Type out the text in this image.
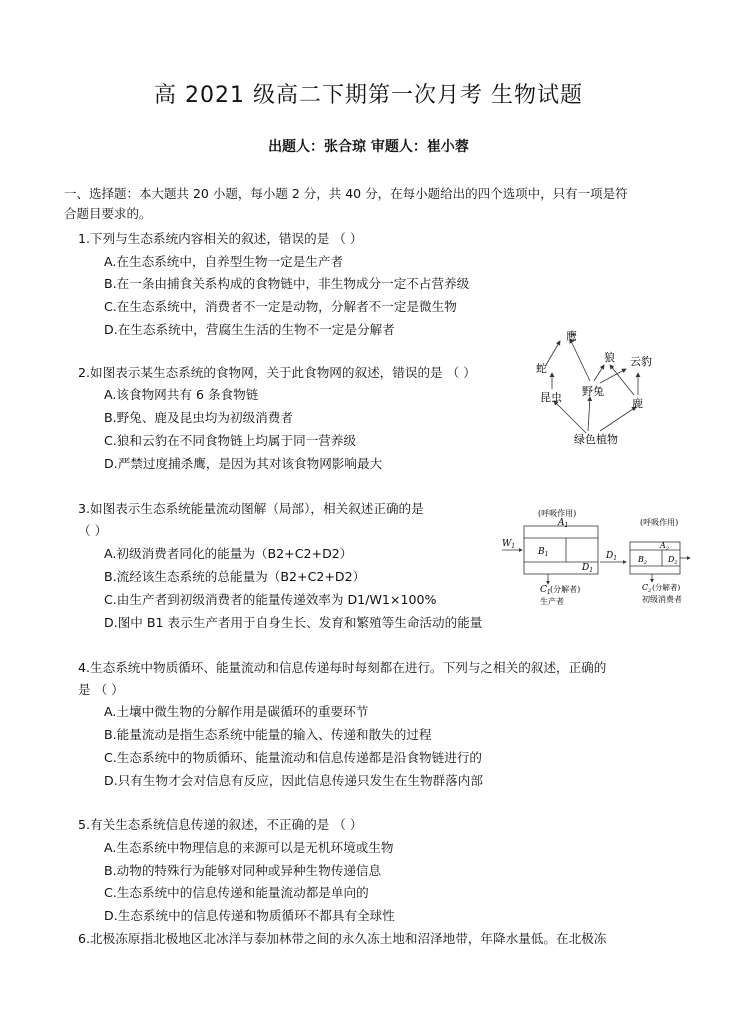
高 2021 级高二下期第一次月考 生物试题
出题人：张合琼 审题人：崔小蓉
一、选择题：本大题共 20 小题，每小题 2 分，共 40 分，在每小题给出的四个选项中，只有一项是符
合题目要求的。
1.下列与生态系统内容相关的叙述，错误的是 （ ）
A.在生态系统中，自养型生物一定是生产者
B.在一条由捕食关系构成的食物链中，非生物成分一定不占营养级
C.在生态系统中，消费者不一定是动物，分解者不一定是微生物
D.在生态系统中，营腐生生活的生物不一定是分解者
2.如图表示某生态系统的食物网，关于此食物网的叙述，错误的是 （ ）
A.该食物网共有 6 条食物链
B.野兔、鹿及昆虫均为初级消费者
C.狼和云豹在不同食物链上均属于同一营养级
D.严禁过度捕杀鹰，是因为其对该食物网影响最大
鹰
狼 云豹
蛇
野兔
昆虫	鹿
绿色植物
3.如图表示生态系统能量流动图解（局部），相关叙述正确的是
（ ）
A.初级消费者同化的能量为（B2+C2+D2）
B.流经该生态系统的总能量为（B2+C2+D2）
C.由生产者到初级消费者的能量传递效率为 D1/W1×100%
D.图中 B1 表示生产者用于自身生长、发育和繁殖等生命活动的能量
(呼吸作用)
(呼吸作用)
$A_1$
$B_1$
$D_1$
$W_1$
$D_1$
$C_1$ (分解者)
生产者
$A_2$
$B_2$	$D_2$
$C_2$ (分解者)
初级消费者
4.生态系统中物质循环、能量流动和信息传递每时每刻都在进行。下列与之相关的叙述，正确的
是 （ ）
A.土壤中微生物的分解作用是碳循环的重要环节
B.能量流动是指生态系统中能量的输入、传递和散失的过程
C.生态系统中的物质循环、能量流动和信息传递都是沿食物链进行的
D.只有生物才会对信息有反应，因此信息传递只发生在生物群落内部
5.有关生态系统信息传递的叙述，不正确的是 （ ）
A.生态系统中物理信息的来源可以是无机环境或生物
B.动物的特殊行为能够对同种或异种生物传递信息
C.生态系统中的信息传递和能量流动都是单向的
D.生态系统中的信息传递和物质循环不都具有全球性
6.北极冻原指北极地区北冰洋与泰加林带之间的永久冻土地和沼泽地带，年降水量低。在北极冻
